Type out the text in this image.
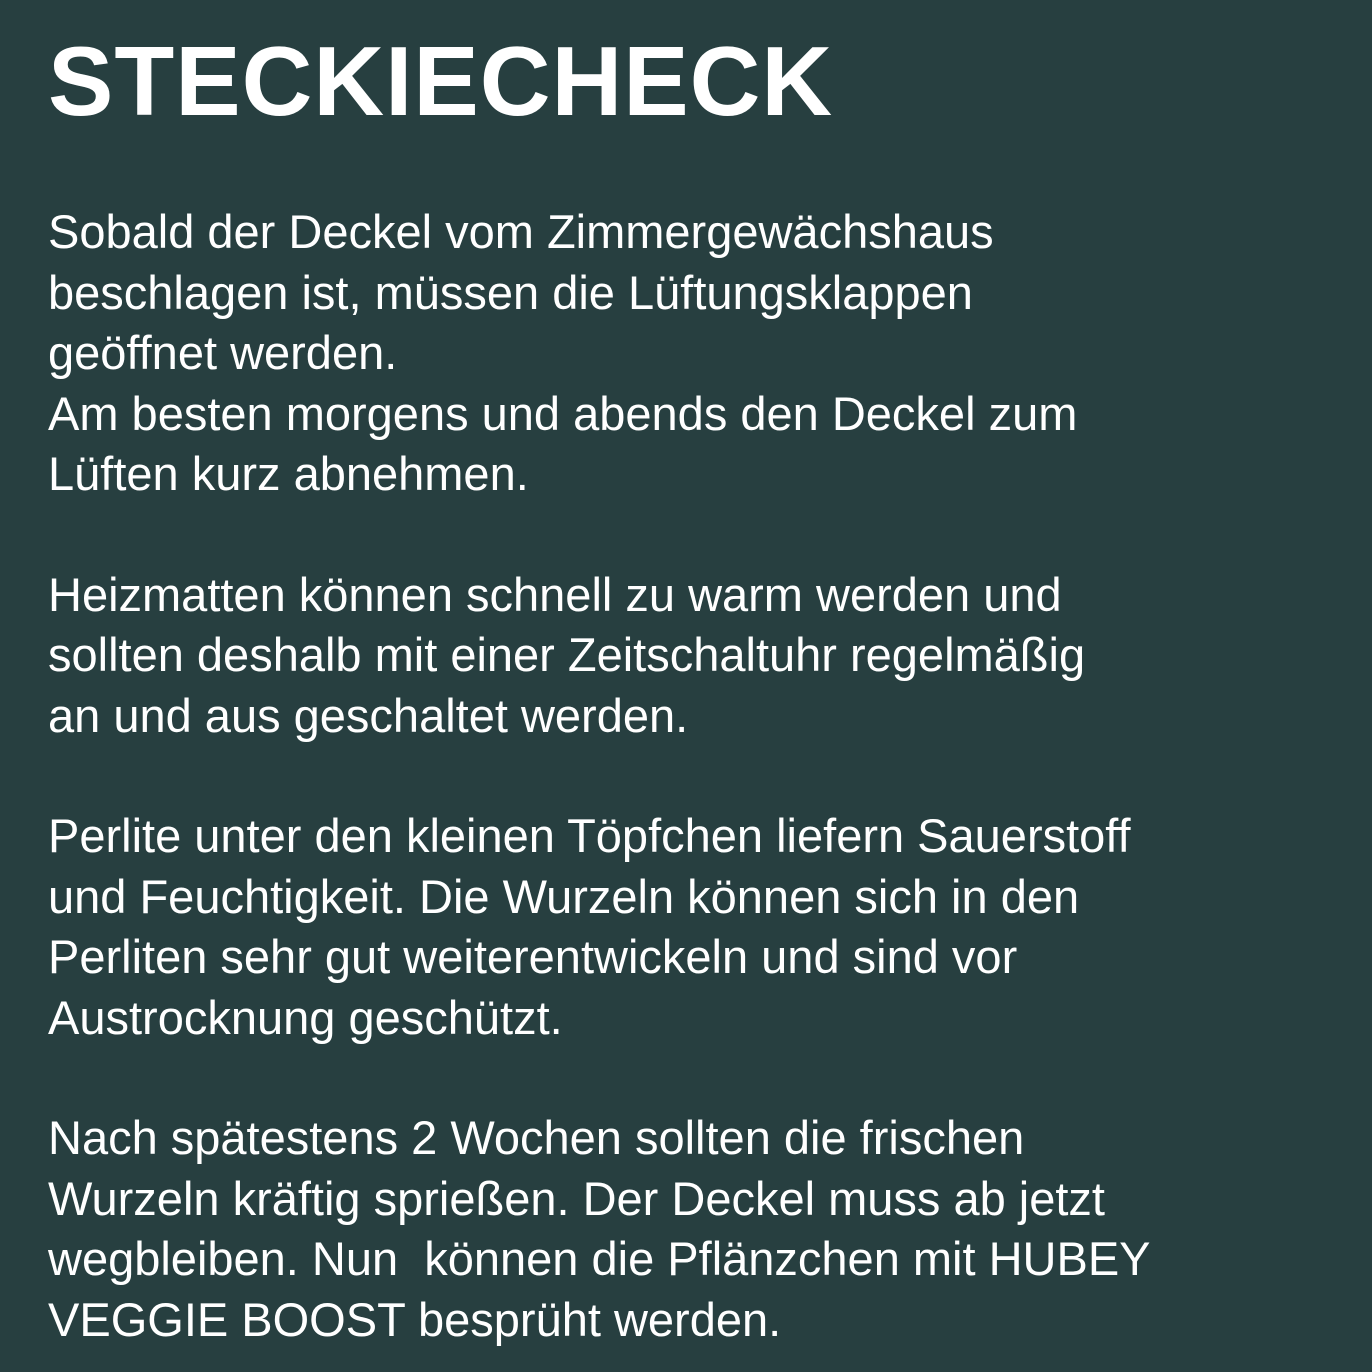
STECKIECHECK

Sobald der Deckel vom Zimmergewächshaus
beschlagen ist, müssen die Lüftungsklappen
geöffnet werden.
Am besten morgens und abends den Deckel zum
Lüften kurz abnehmen.

Heizmatten können schnell zu warm werden und
sollten deshalb mit einer Zeitschaltuhr regelmäßig
an und aus geschaltet werden.

Perlite unter den kleinen Töpfchen liefern Sauerstoff
und Feuchtigkeit. Die Wurzeln können sich in den
Perliten sehr gut weiterentwickeln und sind vor
Austrocknung geschützt.

Nach spätestens 2 Wochen sollten die frischen
Wurzeln kräftig sprießen. Der Deckel muss ab jetzt
wegbleiben. Nun  können die Pflänzchen mit HUBEY
VEGGIE BOOST besprüht werden.
